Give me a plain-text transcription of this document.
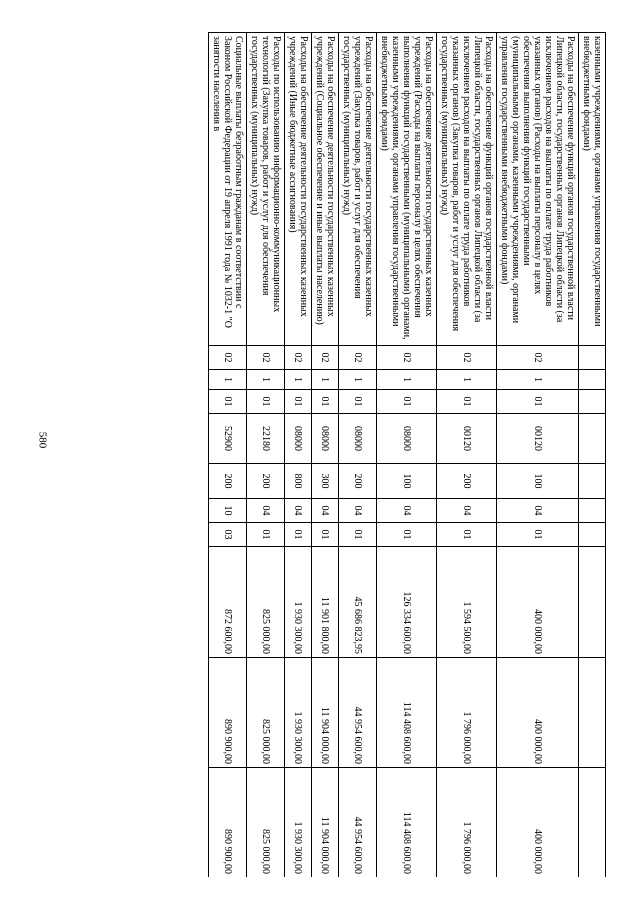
580
казенными учреждениями, органами управления государственными внебюджетными фондами)										
Расходы на обеспечение функций органов государственной власти Липецкой области, государственных органов Липецкой области (за исключением расходов на выплаты по оплате труда работников указанных органов) (Расходы на выплаты персоналу в целях обеспечения выполнения функций государственными (муниципальными) органами, казенными учреждениями, органами управления государственными внебюджетными фондами)	02	1	01	00120	100	04	01	400 000,00	400 000,00	400 000,00
Расходы на обеспечение функций органов государственной власти Липецкой области, государственных органов Липецкой области (за исключением расходов на выплаты по оплате труда работников указанных органов) (Закупка товаров, работ и услуг для обеспечения государственных (муниципальных) нужд)	02	1	01	00120	200	04	01	1 594 500,00	1 796 000,00	1 796 000,00
Расходы на обеспечение деятельности государственных казенных учреждений (Расходы на выплаты персоналу в целях обеспечения выполнения функций государственными (муниципальными) органами, казенными учреждениями, органами управления государственными внебюджетными фондами)	02	1	01	08000	100	04	01	126 334 600,00	114 408 600,00	114 408 600,00
Расходы на обеспечение деятельности государственных казенных учреждений (Закупка товаров, работ и услуг для обеспечения государственных (муниципальных) нужд)	02	1	01	08000	200	04	01	45 686 823,95	44 954 600,00	44 954 600,00
Расходы на обеспечение деятельности государственных казенных учреждений (Социальное обеспечение и иные выплаты населению)	02	1	01	08000	300	04	01	11 901 800,00	11 904 000,00	11 904 000,00
Расходы на обеспечение деятельности государственных казенных учреждений (Иные бюджетные ассигнования)	02	1	01	08000	800	04	01	1 930 300,00	1 930 300,00	1 930 300,00
Расходы по использованию информационно-коммуникационных технологий (Закупка товаров, работ и услуг для обеспечения государственных (муниципальных) нужд)	02	1	01	22180	200	04	01	825 000,00	825 000,00	825 000,00
Социальные выплаты безработным гражданам в соответствии с Законом Российской Федерации от 19 апреля 1991 года № 1032-1 "О занятости населения в	02	1	01	52900	200	10	03	872 600,00	890 900,00	890 900,00
